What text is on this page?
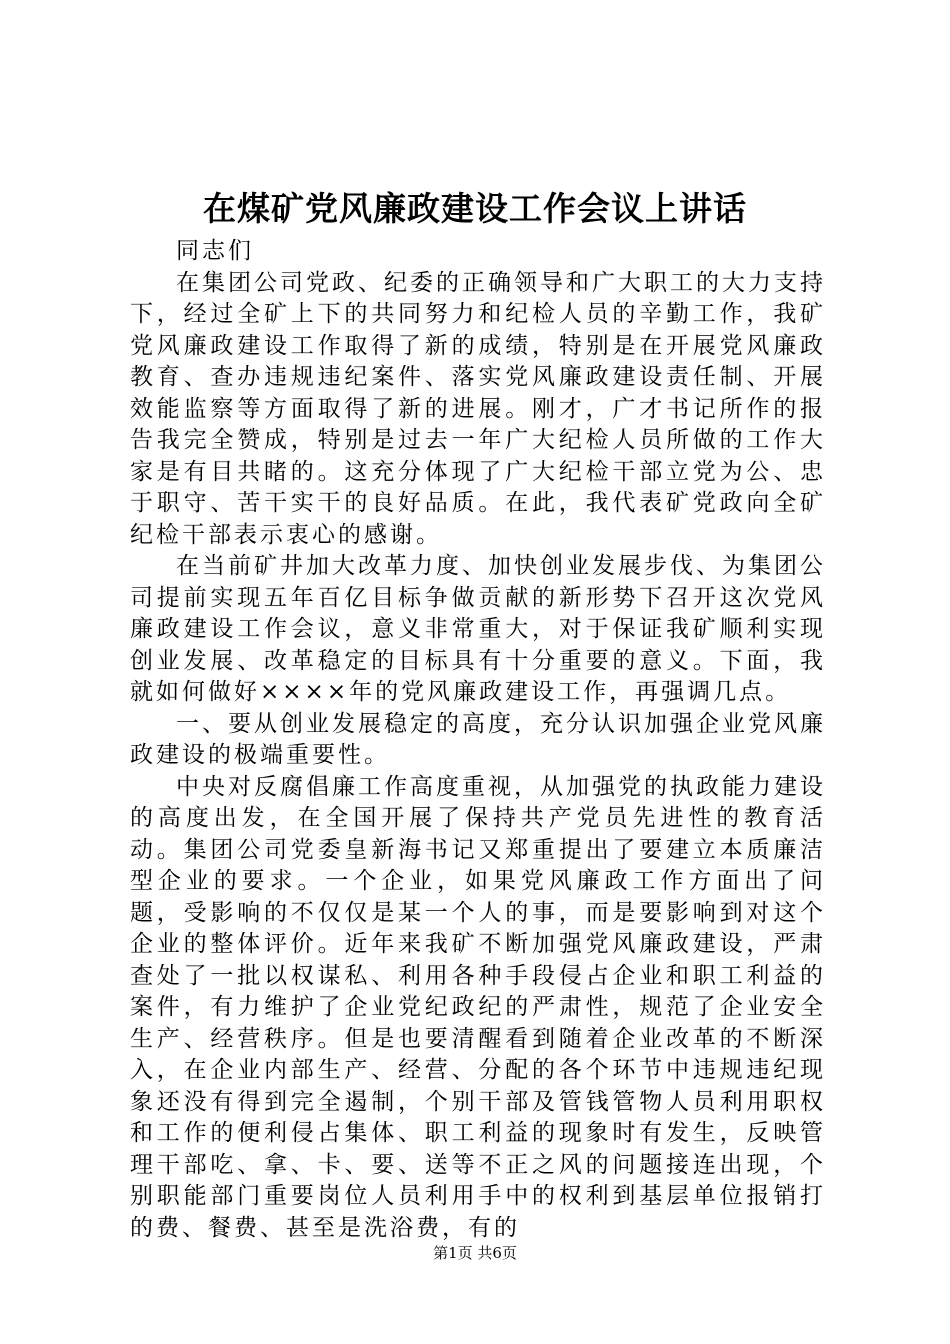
在煤矿党风廉政建设工作会议上讲话

同志们

在集团公司党政、纪委的正确领导和广大职工的大力支持下，经过全矿上下的共同努力和纪检人员的辛勤工作，我矿党风廉政建设工作取得了新的成绩，特别是在开展党风廉政教育、查办违规违纪案件、落实党风廉政建设责任制、开展效能监察等方面取得了新的进展。刚才，广才书记所作的报告我完全赞成，特别是过去一年广大纪检人员所做的工作大家是有目共睹的。这充分体现了广大纪检干部立党为公、忠于职守、苦干实干的良好品质。在此，我代表矿党政向全矿纪检干部表示衷心的感谢。

在当前矿井加大改革力度、加快创业发展步伐、为集团公司提前实现五年百亿目标争做贡献的新形势下召开这次党风廉政建设工作会议，意义非常重大，对于保证我矿顺利实现创业发展、改革稳定的目标具有十分重要的意义。下面，我就如何做好××××年的党风廉政建设工作，再强调几点。

一、要从创业发展稳定的高度，充分认识加强企业党风廉政建设的极端重要性。

中央对反腐倡廉工作高度重视，从加强党的执政能力建设的高度出发，在全国开展了保持共产党员先进性的教育活动。集团公司党委皇新海书记又郑重提出了要建立本质廉洁型企业的要求。一个企业，如果党风廉政工作方面出了问题，受影响的不仅仅是某一个人的事，而是要影响到对这个企业的整体评价。近年来我矿不断加强党风廉政建设，严肃查处了一批以权谋私、利用各种手段侵占企业和职工利益的案件，有力维护了企业党纪政纪的严肃性，规范了企业安全生产、经营秩序。但是也要清醒看到随着企业改革的不断深入，在企业内部生产、经营、分配的各个环节中违规违纪现象还没有得到完全遏制，个别干部及管钱管物人员利用职权和工作的便利侵占集体、职工利益的现象时有发生，反映管理干部吃、拿、卡、要、送等不正之风的问题接连出现，个别职能部门重要岗位人员利用手中的权利到基层单位报销打的费、餐费、甚至是洗浴费，有的

第1页 共6页
